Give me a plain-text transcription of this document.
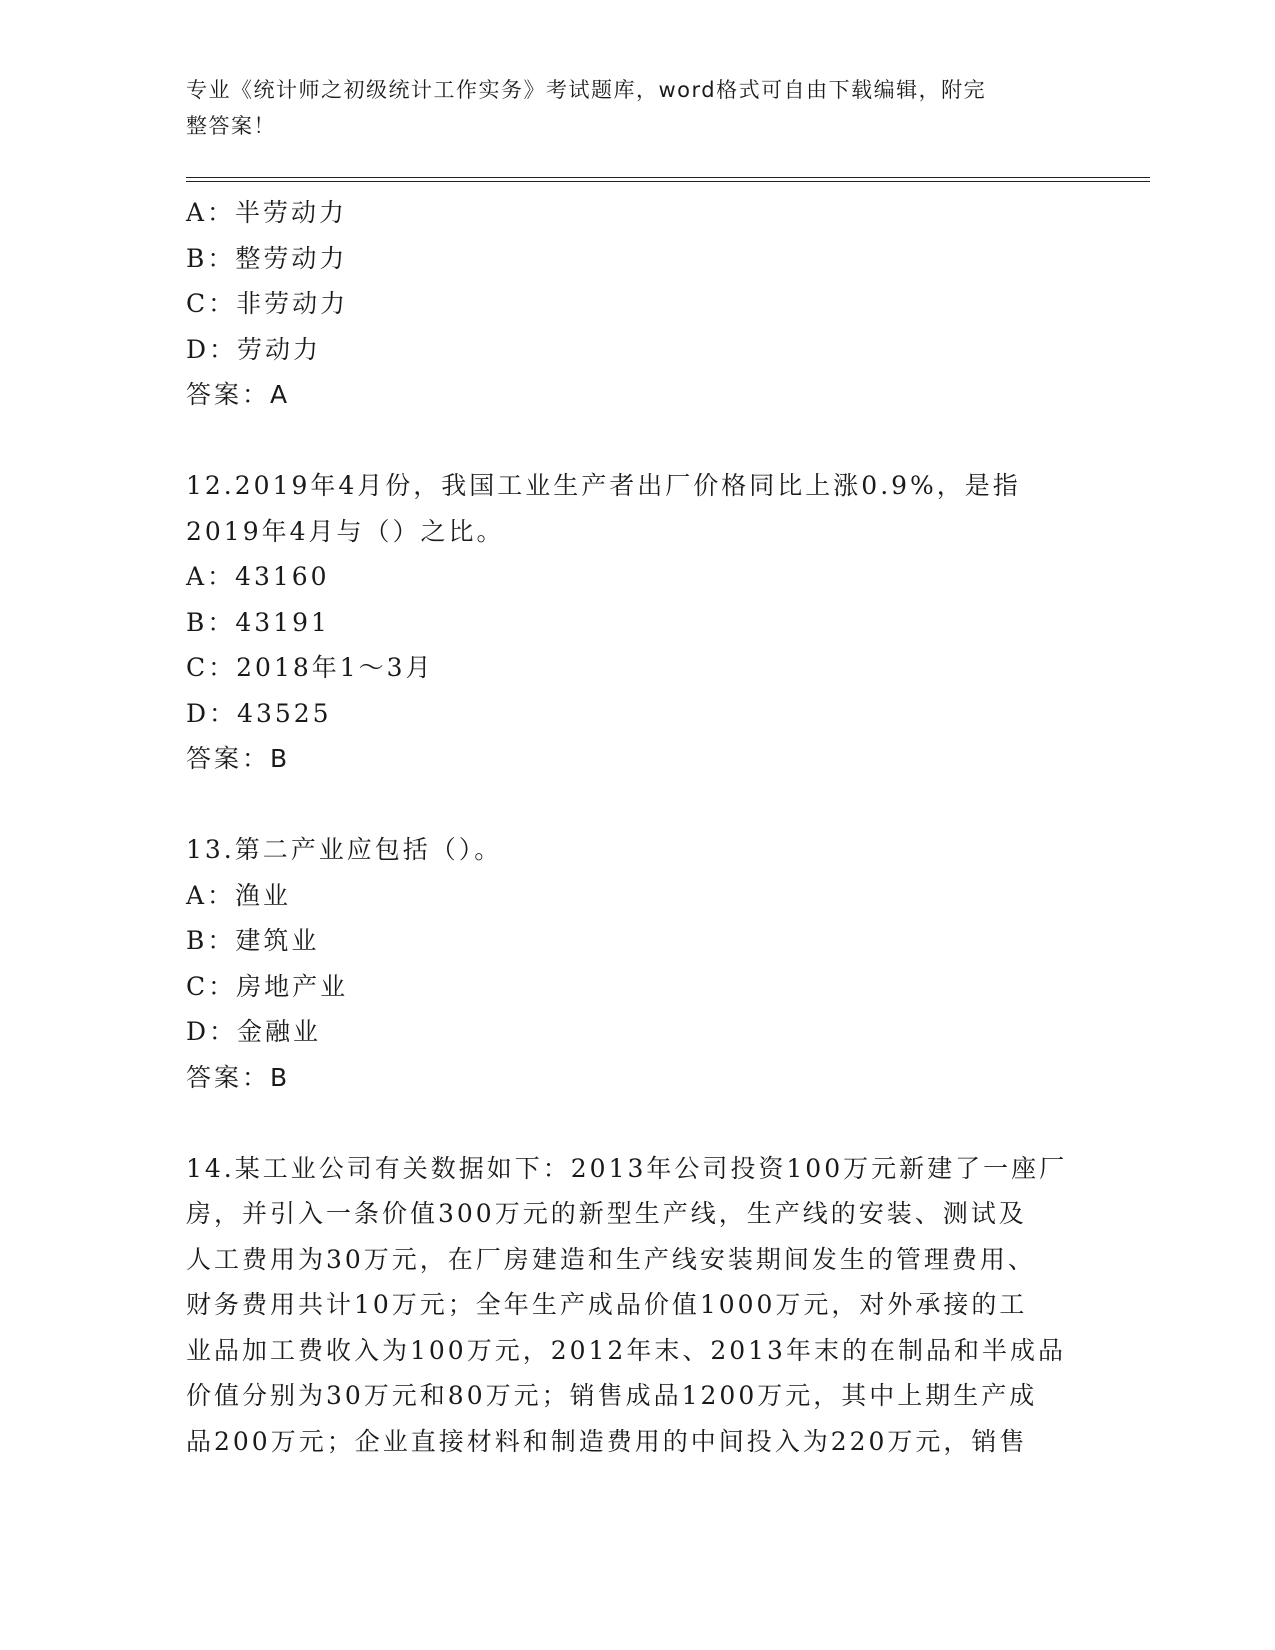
专业《统计师之初级统计工作实务》考试题库，word格式可自由下载编辑，附完
整答案！
A：半劳动力
B：整劳动力
C：非劳动力
D：劳动力
答案：A
12.2019年4月份，我国工业生产者出厂价格同比上涨0.9%，是指
2019年4月与（）之比。
A：43160
B：43191
C：2018年1～3月
D：43525
答案：B
13.第二产业应包括（）。
A：渔业
B：建筑业
C：房地产业
D：金融业
答案：B
14.某工业公司有关数据如下：2013年公司投资100万元新建了一座厂
房，并引入一条价值300万元的新型生产线，生产线的安装、测试及
人工费用为30万元，在厂房建造和生产线安装期间发生的管理费用、
财务费用共计10万元；全年生产成品价值1000万元，对外承接的工
业品加工费收入为100万元，2012年末、2013年末的在制品和半成品
价值分别为30万元和80万元；销售成品1200万元，其中上期生产成
品200万元；企业直接材料和制造费用的中间投入为220万元，销售
